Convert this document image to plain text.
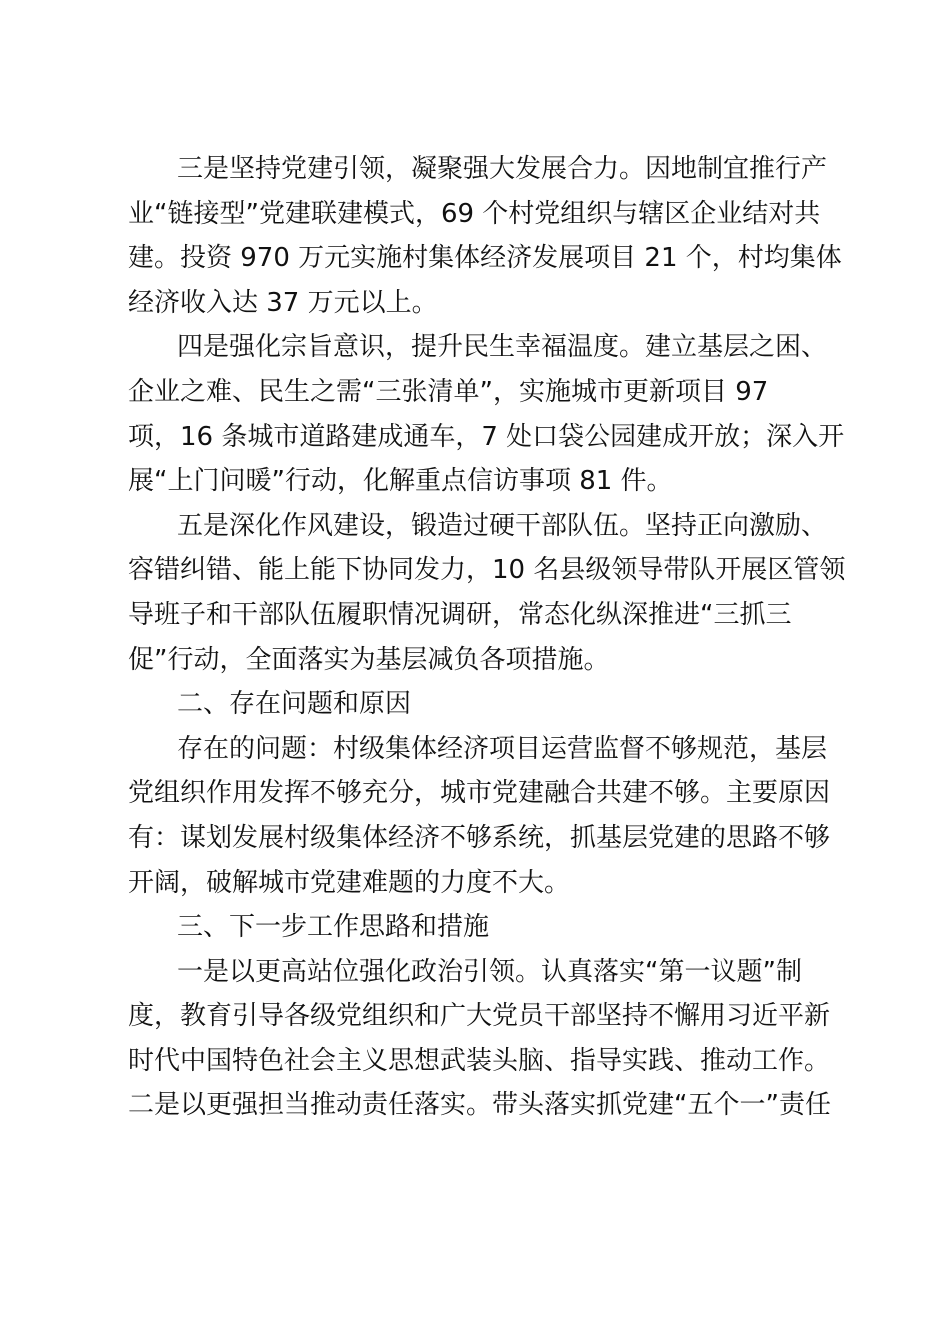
三是坚持党建引领，凝聚强大发展合力。因地制宜推行产
业“链接型”党建联建模式，69 个村党组织与辖区企业结对共
建。投资 970 万元实施村集体经济发展项目 21 个，村均集体
经济收入达 37 万元以上。
四是强化宗旨意识，提升民生幸福温度。建立基层之困、
企业之难、民生之需“三张清单”，实施城市更新项目 97
项，16 条城市道路建成通车，7 处口袋公园建成开放；深入开
展“上门问暖”行动，化解重点信访事项 81 件。
五是深化作风建设，锻造过硬干部队伍。坚持正向激励、
容错纠错、能上能下协同发力，10 名县级领导带队开展区管领
导班子和干部队伍履职情况调研，常态化纵深推进“三抓三
促”行动，全面落实为基层减负各项措施。
二、存在问题和原因
存在的问题：村级集体经济项目运营监督不够规范，基层
党组织作用发挥不够充分，城市党建融合共建不够。主要原因
有：谋划发展村级集体经济不够系统，抓基层党建的思路不够
开阔，破解城市党建难题的力度不大。
三、下一步工作思路和措施
一是以更高站位强化政治引领。认真落实“第一议题”制
度，教育引导各级党组织和广大党员干部坚持不懈用习近平新
时代中国特色社会主义思想武装头脑、指导实践、推动工作。
二是以更强担当推动责任落实。带头落实抓党建“五个一”责任
